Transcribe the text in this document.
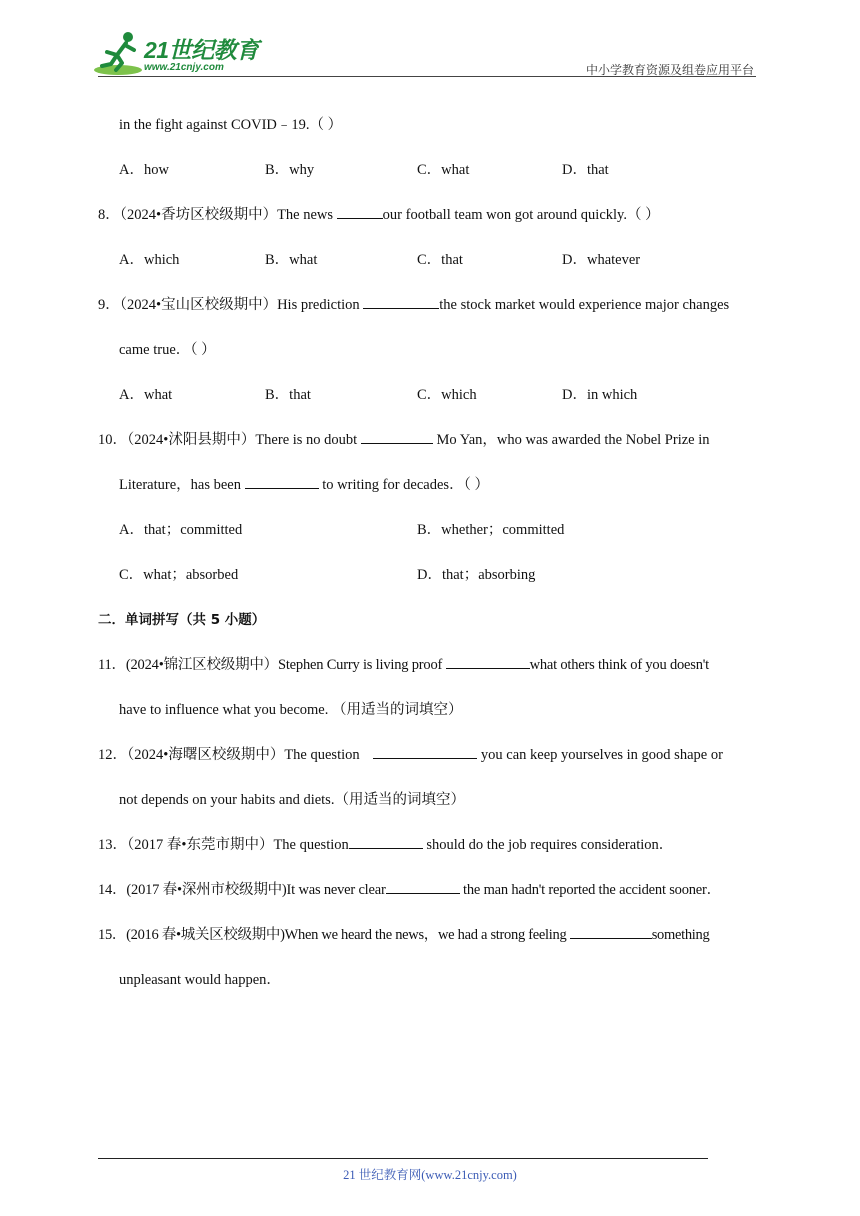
21世纪教育
www.21cnjy.com	中小学教育资源及组卷应用平台
in the fight against COVID﹣19.（ ）
A．how	B．why	C．what	D．that
8．（2024•香坊区校级期中）The news	our football team won got around quickly.（ ）
A．which	B．what	C．that	D．whatever
9．（2024•宝山区校级期中）His prediction	the stock market would experience major changes
came true．（ ）
A．what	B．that	C．which	D．in which
10．（2024•沭阳县期中）There is no doubt	Mo Yan，who was awarded the Nobel Prize in
Literature，has been	to writing for decades．（ ）
A．that；committed	B．whether；committed
C．what；absorbed	D．that；absorbing
二．单词拼写（共 5 小题）
11．(2024•锦江区校级期中）Stephen Curry is living proof	what others think of you doesn't
have to influence what you become. （用适当的词填空）
12．（2024•海曙区校级期中）The question	you can keep yourselves in good shape or
not depends on your habits and diets.（用适当的词填空）
13．（2017 春•东莞市期中）The question	should do the job requires consideration．
14．(2017 春•深州市校级期中)It was never clear	the man hadn't reported the accident sooner．
15．(2016 春•城关区校级期中)When we heard the news，we had a strong feeling	something
unpleasant would happen．
21 世纪教育网(www.21cnjy.com)
